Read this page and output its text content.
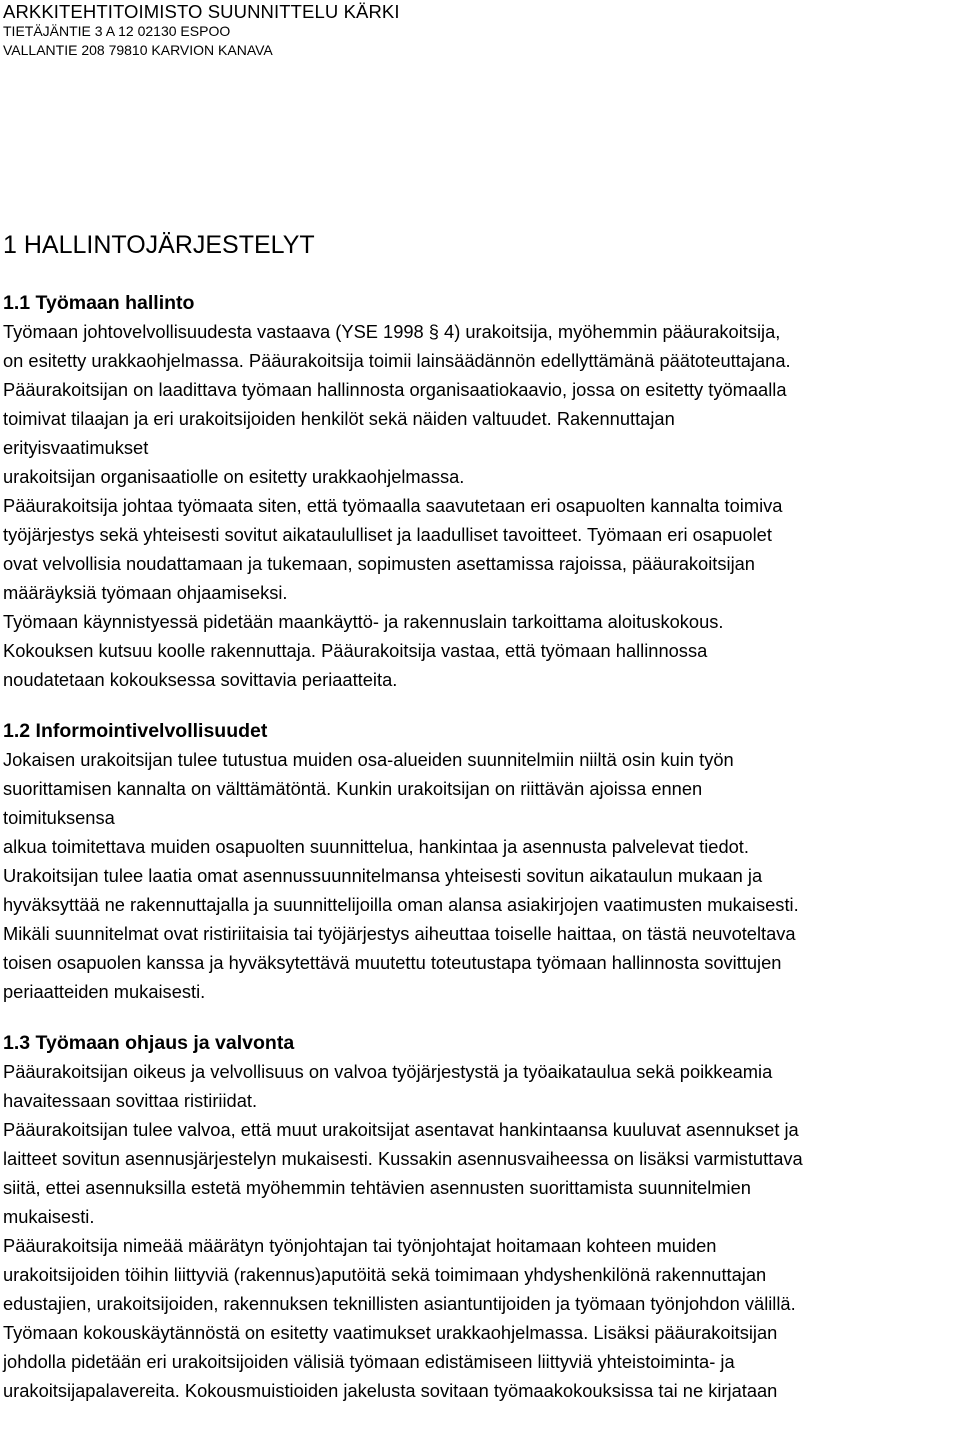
ARKKITEHTITOIMISTO SUUNNITTELU KÄRKI
TIETÄJÄNTIE 3 A 12 02130 ESPOO
VALLANTIE 208 79810 KARVION KANAVA
1 HALLINTOJÄRJESTELYT
1.1 Työmaan hallinto
Työmaan johtovelvollisuudesta vastaava (YSE 1998 § 4) urakoitsija, myöhemmin pääurakoitsija,
on esitetty urakkaohjelmassa. Pääurakoitsija toimii lainsäädännön edellyttämänä päätoteuttajana.
Pääurakoitsijan on laadittava työmaan hallinnosta organisaatiokaavio, jossa on esitetty työmaalla
toimivat tilaajan ja eri urakoitsijoiden henkilöt sekä näiden valtuudet. Rakennuttajan
erityisvaatimukset
urakoitsijan organisaatiolle on esitetty urakkaohjelmassa.
Pääurakoitsija johtaa työmaata siten, että työmaalla saavutetaan eri osapuolten kannalta toimiva
työjärjestys sekä yhteisesti sovitut aikataululliset ja laadulliset tavoitteet. Työmaan eri osapuolet
ovat velvollisia noudattamaan ja tukemaan, sopimusten asettamissa rajoissa, pääurakoitsijan
määräyksiä työmaan ohjaamiseksi.
Työmaan käynnistyessä pidetään maankäyttö- ja rakennuslain tarkoittama aloituskokous.
Kokouksen kutsuu koolle rakennuttaja. Pääurakoitsija vastaa, että työmaan hallinnossa
noudatetaan kokouksessa sovittavia periaatteita.
1.2 Informointivelvollisuudet
Jokaisen urakoitsijan tulee tutustua muiden osa-alueiden suunnitelmiin niiltä osin kuin työn
suorittamisen kannalta on välttämätöntä. Kunkin urakoitsijan on riittävän ajoissa ennen
toimituksensa
alkua toimitettava muiden osapuolten suunnittelua, hankintaa ja asennusta palvelevat tiedot.
Urakoitsijan tulee laatia omat asennussuunnitelmansa yhteisesti sovitun aikataulun mukaan ja
hyväksyttää ne rakennuttajalla ja suunnittelijoilla oman alansa asiakirjojen vaatimusten mukaisesti.
Mikäli suunnitelmat ovat ristiriitaisia tai työjärjestys aiheuttaa toiselle haittaa, on tästä neuvoteltava
toisen osapuolen kanssa ja hyväksytettävä muutettu toteutustapa työmaan hallinnosta sovittujen
periaatteiden mukaisesti.
1.3 Työmaan ohjaus ja valvonta
Pääurakoitsijan oikeus ja velvollisuus on valvoa työjärjestystä ja työaikataulua sekä poikkeamia
havaitessaan sovittaa ristiriidat.
Pääurakoitsijan tulee valvoa, että muut urakoitsijat asentavat hankintaansa kuuluvat asennukset ja
laitteet sovitun asennusjärjestelyn mukaisesti. Kussakin asennusvaiheessa on lisäksi varmistuttava
siitä, ettei asennuksilla estetä myöhemmin tehtävien asennusten suorittamista suunnitelmien
mukaisesti.
Pääurakoitsija nimeää määrätyn työnjohtajan tai työnjohtajat hoitamaan kohteen muiden
urakoitsijoiden töihin liittyviä (rakennus)aputöitä sekä toimimaan yhdyshenkilönä rakennuttajan
edustajien, urakoitsijoiden, rakennuksen teknillisten asiantuntijoiden ja työmaan työnjohdon välillä.
Työmaan kokouskäytännöstä on esitetty vaatimukset urakkaohjelmassa. Lisäksi pääurakoitsijan
johdolla pidetään eri urakoitsijoiden välisiä työmaan edistämiseen liittyviä yhteistoiminta- ja
urakoitsijapalavereita. Kokousmuistioiden jakelusta sovitaan työmaakokouksissa tai ne kirjataan
